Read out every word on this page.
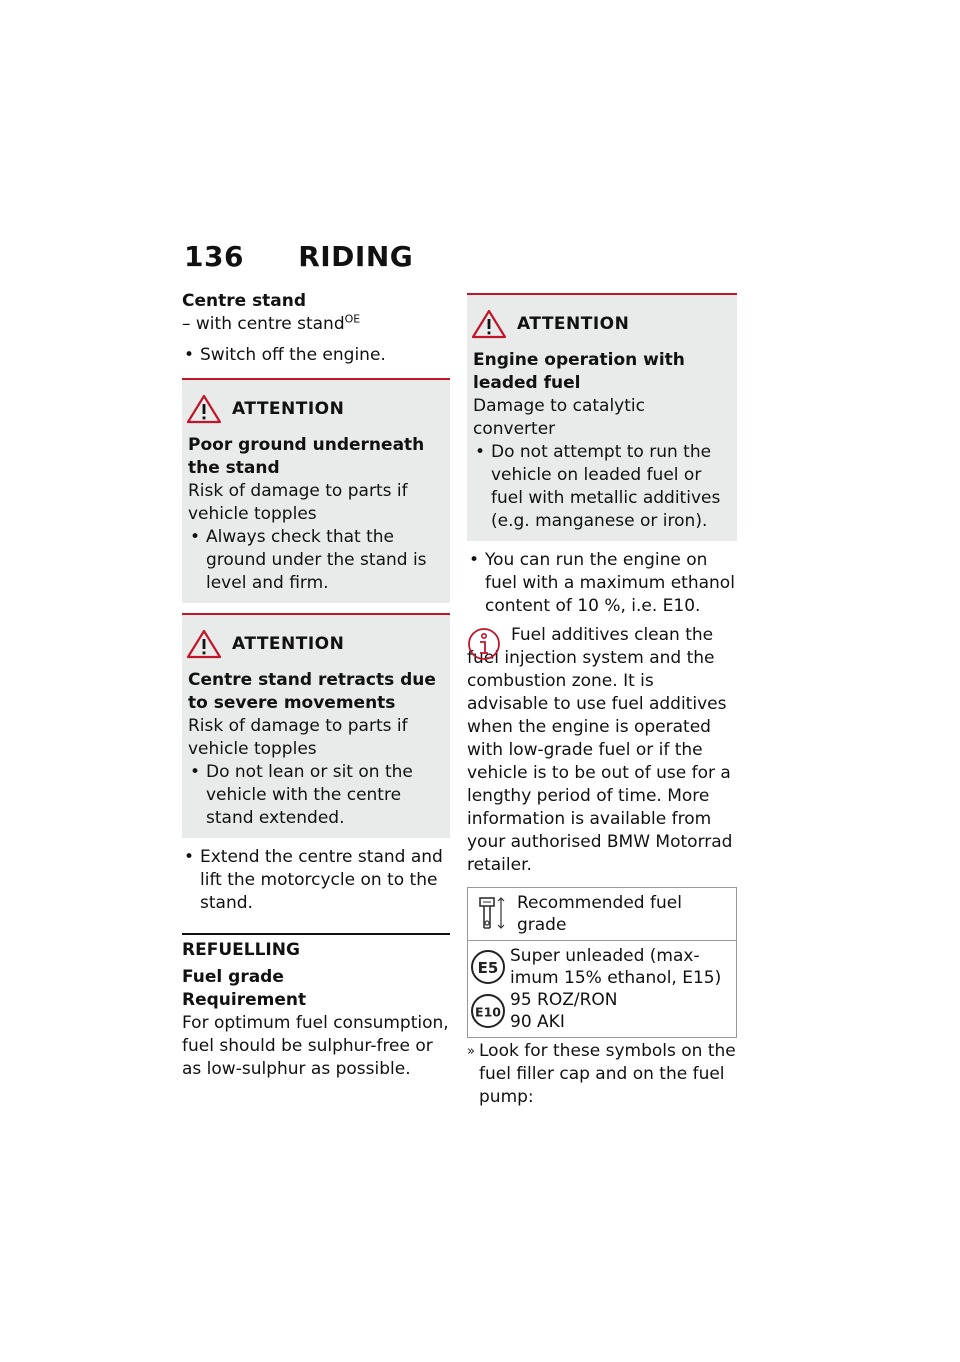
136 RIDING

Centre stand

– with centre stand$^{OE}$

• Switch off the engine.
ATTENTION

Poor ground underneath the stand

Risk of damage to parts if vehicle topples

• Always check that the ground under the stand is level and firm.
ATTENTION

Centre stand retracts due to severe movements

Risk of damage to parts if vehicle topples

• Do not lean or sit on the vehicle with the centre stand extended.
• Extend the centre stand and lift the motorcycle on to the stand.

REFUELLING

Fuel grade

Requirement

For optimum fuel consumption, fuel should be sulphur-free or as low-sulphur as possible.

ATTENTION

Engine operation with leaded fuel

Damage to catalytic converter

• Do not attempt to run the vehicle on leaded fuel or fuel with metallic additives (e.g. manganese or iron).
• You can run the engine on fuel with a maximum ethanol content of 10 %, i.e. E10.

Fuel additives clean the fuel injection system and the combustion zone. It is advisable to use fuel additives when the engine is operated with low-grade fuel or if the vehicle is to be out of use for a lengthy period of time. More information is available from your authorised BMW Motorrad retailer.

Recommended fuel grade
E5
E10
Super unleaded (max-imum 15% ethanol, E15)
95 ROZ/RON
90 AKI
» Look for these symbols on the fuel filler cap and on the fuel pump:
